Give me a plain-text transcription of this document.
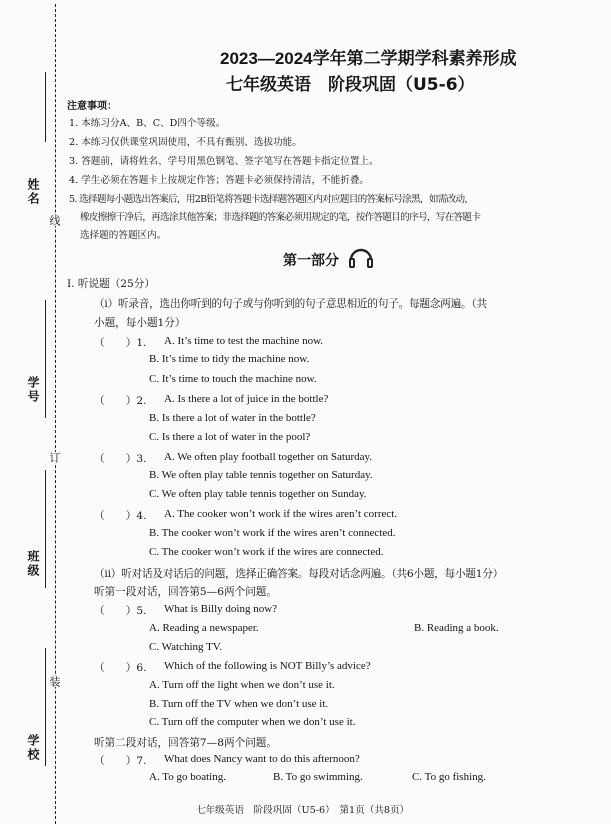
姓名
学号
班级
学校
线
订
装
2023—2024学年第二学期学科素养形成
七年级英语　阶段巩固（U5-6）
注意事项：
1. 本练习分A、B、C、D四个等级。
2. 本练习仅供课堂巩固使用，不具有甄别、选拔功能。
3. 答题前，请将姓名、学号用黑色钢笔、签字笔写在答题卡指定位置上。
4. 学生必须在答题卡上按规定作答；答题卡必须保持清洁，不能折叠。
5. 选择题每小题选出答案后，用2B铅笔将答题卡选择题答题区内对应题目的答案标号涂黑，如需改动，
橡皮擦擦干净后，再选涂其他答案；非选择题的答案必须用规定的笔，按作答题目的序号，写在答题卡
选择题的答题区内。
第一部分
Ⅰ. 听说题（25分）
（i）听录音，选出你听到的句子或与你听到的句子意思相近的句子。每题念两遍。（共
小题，每小题1分）
（　　）1. A. It’s time to test the machine now.
B. It’s time to tidy the machine now.
C. It’s time to touch the machine now.
（　　）2. A. Is there a lot of juice in the bottle?
B. Is there a lot of water in the bottle?
C. Is there a lot of water in the pool?
（　　）3. A. We often play football together on Saturday.
B. We often play table tennis together on Saturday.
C. We often play table tennis together on Sunday.
（　　）4. A. The cooker won’t work if the wires aren’t correct.
B. The cooker won’t work if the wires aren’t connected.
C. The cooker won’t work if the wires are connected.
（ii）听对话及对话后的问题，选择正确答案。每段对话念两遍。（共6小题，每小题1分）
听第一段对话，回答第5—6两个问题。
（　　）5. What is Billy doing now?
A. Reading a newspaper.	B. Reading a book.
C. Watching TV.
（　　）6. Which of the following is NOT Billy’s advice?
A. Turn off the light when we don’t use it.
B. Turn off the TV when we don’t use it.
C. Turn off the computer when we don’t use it.
听第二段对话，回答第7—8两个问题。
（　　）7. What does Nancy want to do this afternoon?
A. To go boating.	B. To go swimming.	C. To go fishing.
七年级英语　阶段巩固（U5-6）　第1页（共8页）
